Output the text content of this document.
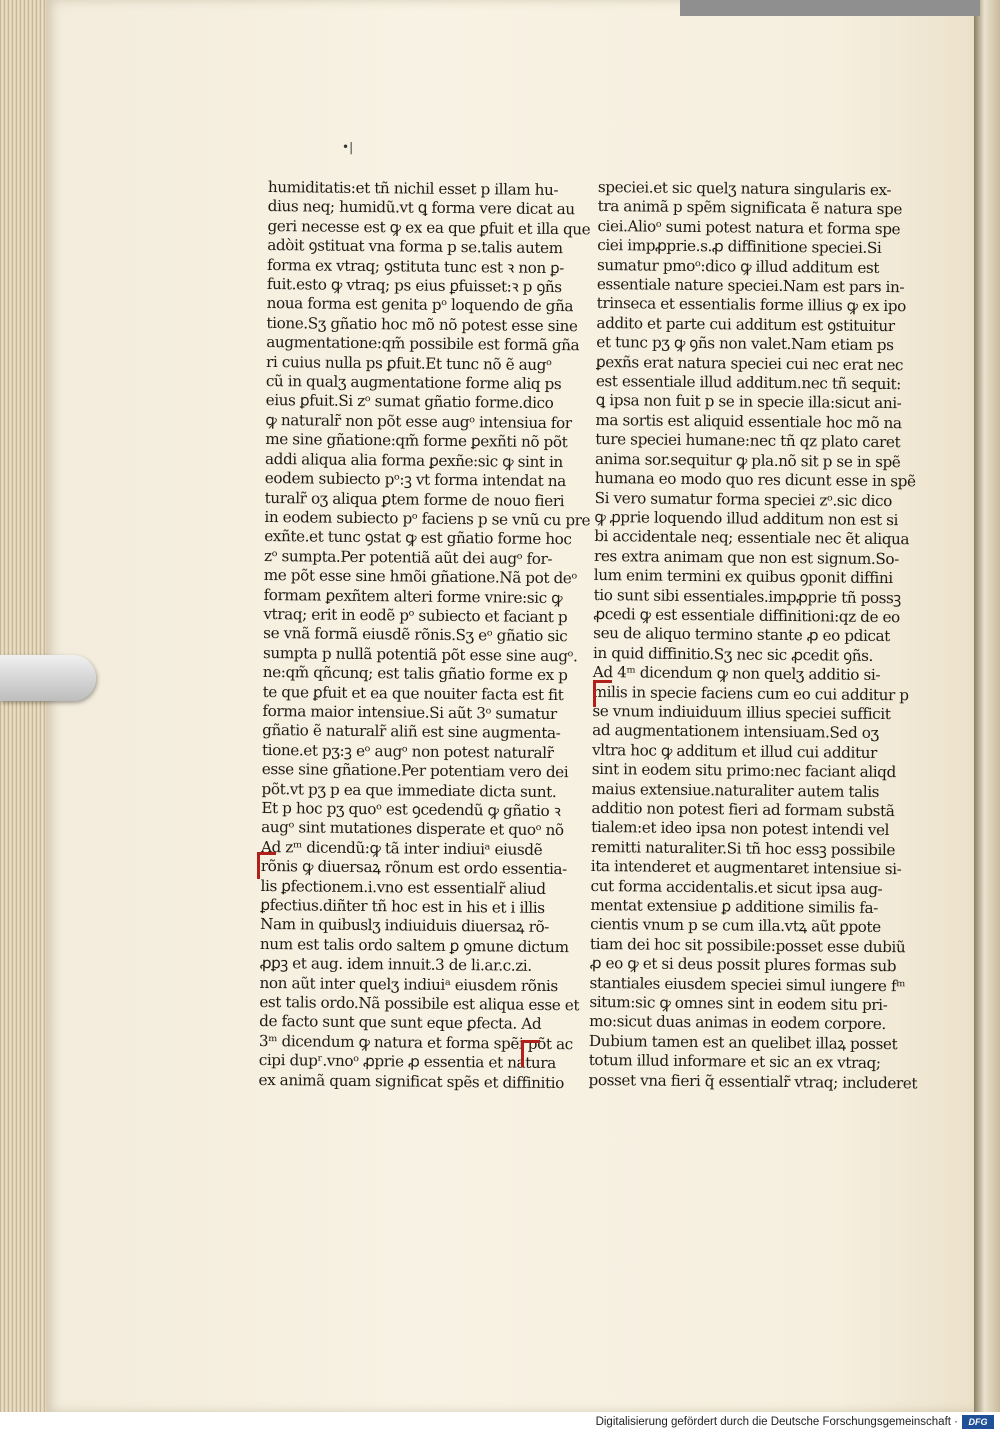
•|
humiditatis:et tñ nichil esset p illam hu-
dius neq; humidũ.vt ꝗ forma vere dicat au
geri necesse est ꝙ ex ea que ꝑfuit et illa que
adòit ꝯstituat vna forma p se.talis autem
forma ex vtraq; ꝯstituta tunc est ꝛ non ꝑ-
fuit.esto ꝙ vtraq; ps eius ꝑfuisset:ꝛ p ꝯñs
noua forma est genita pᵒ loquendo de gña
tione.Sʒ gñatio hoc mõ nõ potest esse sine
augmentatione:qm̃ possibile est formã gña
ri cuius nulla ps ꝑfuit.Et tunc nõ ẽ augᵒ
cũ in qualʒ augmentatione forme aliq ps
eius ꝑfuit.Si zᵒ sumat gñatio forme.dico
ꝙ naturalr̃ non põt esse augᵒ intensiua for
me sine gñatione:qm̃ forme ꝑexñti nõ põt
addi aliqua alia forma ꝑexñe:sic ꝙ sint in
eodem subiecto pᵒ:ꝫ vt forma intendat na
turalr̃ oʒ aliqua ꝑtem forme de nouo fieri
in eodem subiecto pᵒ faciens p se vnũ cu pre
exñte.et tunc ꝯstat ꝙ est gñatio forme hoc
zᵒ sumpta.Per potentiã aũt dei augᵒ for-
me põt esse sine hmõi gñatione.Nã pot deᵒ
formam ꝑexñtem alteri forme vnire:sic ꝙ
vtraq; erit in eodẽ pᵒ subiecto et faciant p
se vnã formã eiusdẽ rõnis.Sʒ eᵒ gñatio sic
sumpta p nullã potentiã põt esse sine augᵒ.
ne:qm̃ qñcunq; est talis gñatio forme ex p
te que ꝑfuit et ea que nouiter facta est fit
forma maior intensiue.Si aũt 3ᵒ sumatur
gñatio ẽ naturalr̃ aliñ est sine augmenta-
tione.et pʒ:ꝫ eᵒ augᵒ non potest naturalr̃
esse sine gñatione.Per potentiam vero dei
põt.vt pʒ p ea que immediate dicta sunt.
Et p hoc pʒ quoᵒ est ꝯcedendũ ꝙ gñatio ꝛ
augᵒ sint mutationes disperate et quoᵒ nõ
Ad zᵐ dicendũ:ꝙ tã inter indiuiᵃ eiusdẽ
rõnis ꝙ diuersaꝝ rõnum est ordo essentia-
lis ꝑfectionem.i.vno est essentialr̃ aliud
ꝑfectius.diñter tñ hoc est in his et i illis
Nam in quibuslʒ indiuiduis diuersaꝝ rõ-
num est talis ordo saltem ꝑ ꝯmune dictum
ꝓꝑꝫ et aug. idem innuit.3 de li.ar.c.zi.
non aũt inter quelʒ indiuiᵃ eiusdem rõnis
est talis ordo.Nã possibile est aliqua esse et
de facto sunt que sunt eque ꝑfecta. Ad
3ᵐ dicendum ꝙ natura et forma spẽi põt ac
cipi dupʳ.vnoᵒ ꝓprie ꝓ essentia et natura
ex animã quam significat spẽs et diffinitio
speciei.et sic quelʒ natura singularis ex-
tra animã p spẽm significata ẽ natura spe
ciei.Alioᵒ sumi potest natura et forma spe
ciei impꝓprie.s.ꝓ diffinitione speciei.Si
sumatur pmoᵒ:dico ꝙ illud additum est
essentiale nature speciei.Nam est pars in-
trinseca et essentialis forme illius ꝙ ex ipo
addito et parte cui additum est ꝯstituitur
et tunc pʒ ꝙ ꝯñs non valet.Nam etiam ps
ꝑexñs erat natura speciei cui nec erat nec
est essentiale illud additum.nec tñ sequit:
ꝗ ipsa non fuit p se in specie illa:sicut ani-
ma sortis est aliquid essentiale hoc mõ na
ture speciei humane:nec tñ qz plato caret
anima sor.sequitur ꝙ pla.nõ sit p se in spẽ
humana eo modo quo res dicunt esse in spẽ
Si vero sumatur forma speciei zᵒ.sic dico
ꝙ ꝓprie loquendo illud additum non est si
bi accidentale neq; essentiale nec ẽt aliqua
res extra animam que non est signum.So-
lum enim termini ex quibus ꝯponit diffini
tio sunt sibi essentiales.impꝓprie tñ possꝫ
ꝓcedi ꝙ est essentiale diffinitioni:qz de eo
seu de aliquo termino stante ꝓ eo pdicat
in quid diffinitio.Sʒ nec sic ꝓcedit ꝯñs.
Ad 4ᵐ dicendum ꝙ non quelʒ additio si-
milis in specie faciens cum eo cui additur p
se vnum indiuiduum illius speciei sufficit
ad augmentationem intensiuam.Sed oʒ
vltra hoc ꝙ additum et illud cui additur
sint in eodem situ primo:nec faciant aliqd
maius extensiue.naturaliter autem talis
additio non potest fieri ad formam substã
tialem:et ideo ipsa non potest intendi vel
remitti naturaliter.Si tñ hoc essꝫ possibile
ita intenderet et augmentaret intensiue si-
cut forma accidentalis.et sicut ipsa aug-
mentat extensiue ꝑ additione similis fa-
cientis vnum p se cum illa.vtꝝ aũt ꝑpote
tiam dei hoc sit possibile:posset esse dubiũ
ꝓ eo ꝙ et si deus possit plures formas sub
stantiales eiusdem speciei simul iungere fᵐ
situm:sic ꝙ omnes sint in eodem situ pri-
mo:sicut duas animas in eodem corpore.
Dubium tamen est an quelibet illaꝝ posset
totum illud informare et sic an ex vtraq;
posset vna fieri q̃ essentialr̃ vtraq; includeret
Digitalisierung gefördert durch die Deutsche Forschungsgemeinschaft ·	DFG
